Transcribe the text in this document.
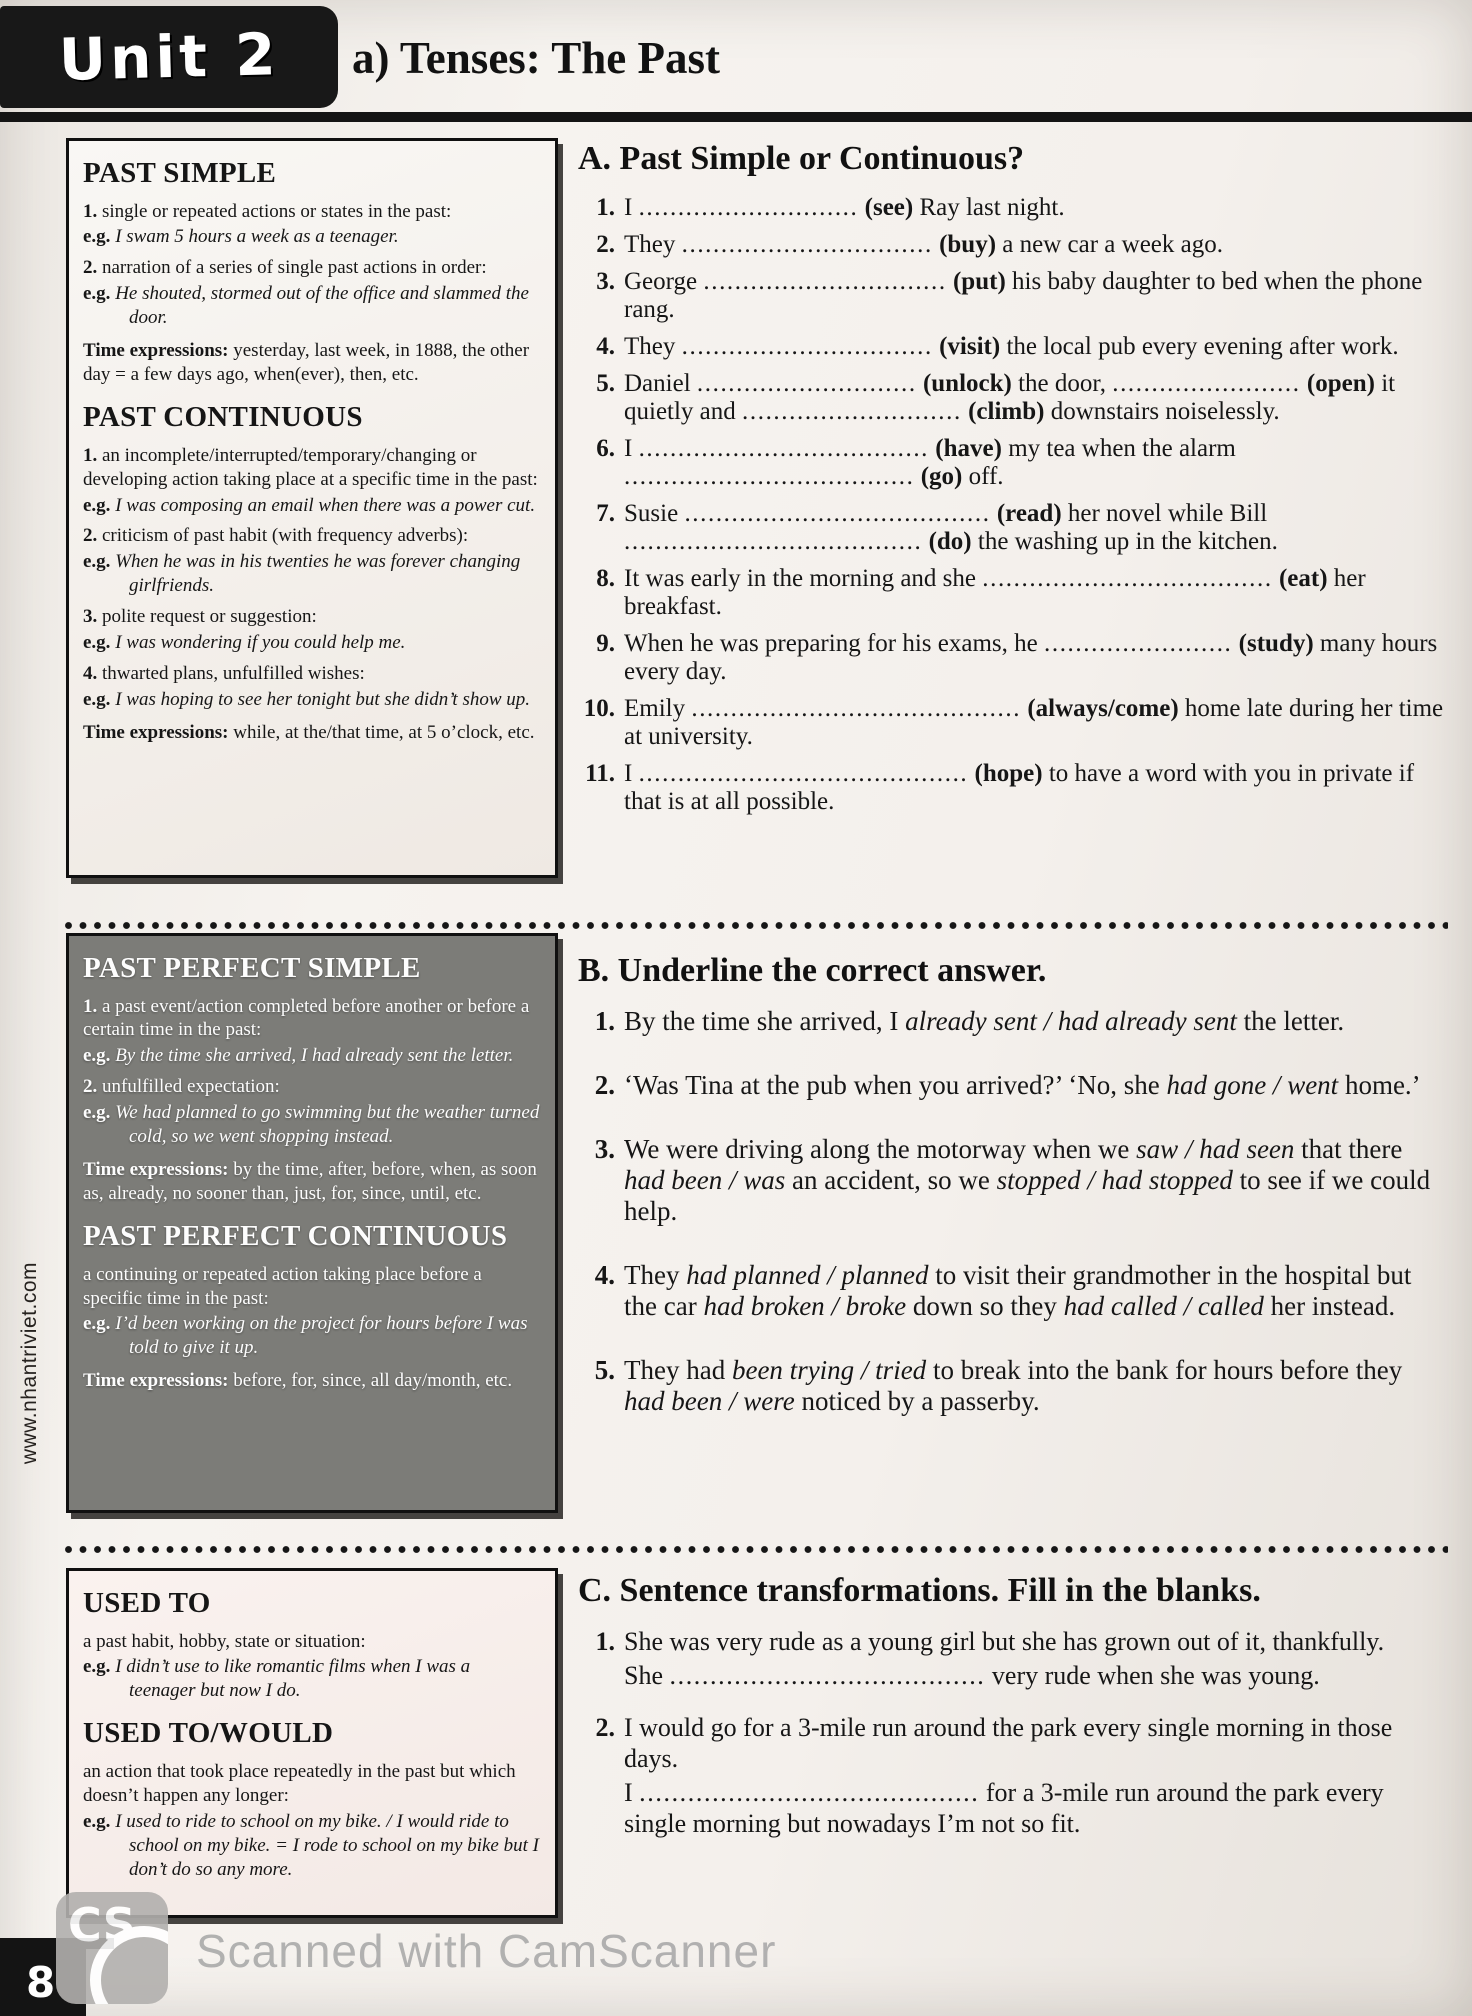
Unit 2 a) Tenses: The Past
PAST SIMPLE

1. single or repeated actions or states in the past:

e.g. I swam 5 hours a week as a teenager.

2. narration of a series of single past actions in order:

e.g. He shouted, stormed out of the office and slammed the door.

Time expressions: yesterday, last week, in 1888, the other day = a few days ago, when(ever), then, etc.

PAST CONTINUOUS

1. an incomplete/interrupted/temporary/changing or developing action taking place at a specific time in the past:

e.g. I was composing an email when there was a power cut.

2. criticism of past habit (with frequency adverbs):

e.g. When he was in his twenties he was forever changing girlfriends.

3. polite request or suggestion:

e.g. I was wondering if you could help me.

4. thwarted plans, unfulfilled wishes:

e.g. I was hoping to see her tonight but she didn’t show up.

Time expressions: while, at the/that time, at 5 o’clock, etc.

PAST PERFECT SIMPLE

1. a past event/action completed before another or before a certain time in the past:

e.g. By the time she arrived, I had already sent the letter.

2. unfulfilled expectation:

e.g. We had planned to go swimming but the weather turned cold, so we went shopping instead.

Time expressions: by the time, after, before, when, as soon as, already, no sooner than, just, for, since, until, etc.

PAST PERFECT CONTINUOUS

a continuing or repeated action taking place before a specific time in the past:

e.g. I’d been working on the project for hours before I was told to give it up.

Time expressions: before, for, since, all day/month, etc.

USED TO

a past habit, hobby, state or situation:

e.g. I didn’t use to like romantic films when I was a teenager but now I do.

USED TO/WOULD

an action that took place repeatedly in the past but which doesn’t happen any longer:

e.g. I used to ride to school on my bike. / I would ride to school on my bike. = I rode to school on my bike but I don’t do so any more.

A. Past Simple or Continuous?
1. I ............................ (see) Ray last night.
2. They ................................ (buy) a new car a week ago.
3. George ............................... (put) his baby daughter to bed when the phone rang.
4. They ................................ (visit) the local pub every evening after work.
5. Daniel ............................ (unlock) the door, ........................ (open) it quietly and ............................ (climb) downstairs noiselessly.
6. I ..................................... (have) my tea when the alarm ..................................... (go) off.
7. Susie ....................................... (read) her novel while Bill ...................................... (do) the washing up in the kitchen.
8. It was early in the morning and she ..................................... (eat) her breakfast.
9. When he was preparing for his exams, he ........................ (study) many hours every day.
10. Emily .......................................... (always/come) home late during her time at university.
11. I .......................................... (hope) to have a word with you in private if that is at all possible.
B. Underline the correct answer.
1. By the time she arrived, I already sent / had already sent the letter.
2. ‘Was Tina at the pub when you arrived?’ ‘No, she had gone / went home.’
3. We were driving along the motorway when we saw / had seen that there had been / was an accident, so we stopped / had stopped to see if we could help.
4. They had planned / planned to visit their grandmother in the hospital but the car had broken / broke down so they had called / called her instead.
5. They had been trying / tried to break into the bank for hours before they had been / were noticed by a passerby.
C. Sentence transformations. Fill in the blanks.
1. She was very rude as a young girl but she has grown out of it, thankfully.
She ....................................... very rude when she was young.
2. I would go for a 3-mile run around the park every single morning in those days.
I .......................................... for a 3-mile run around the park every single morning but nowadays I’m not so fit.
www.nhantriviet.com
8
CS Scanned with CamScanner
